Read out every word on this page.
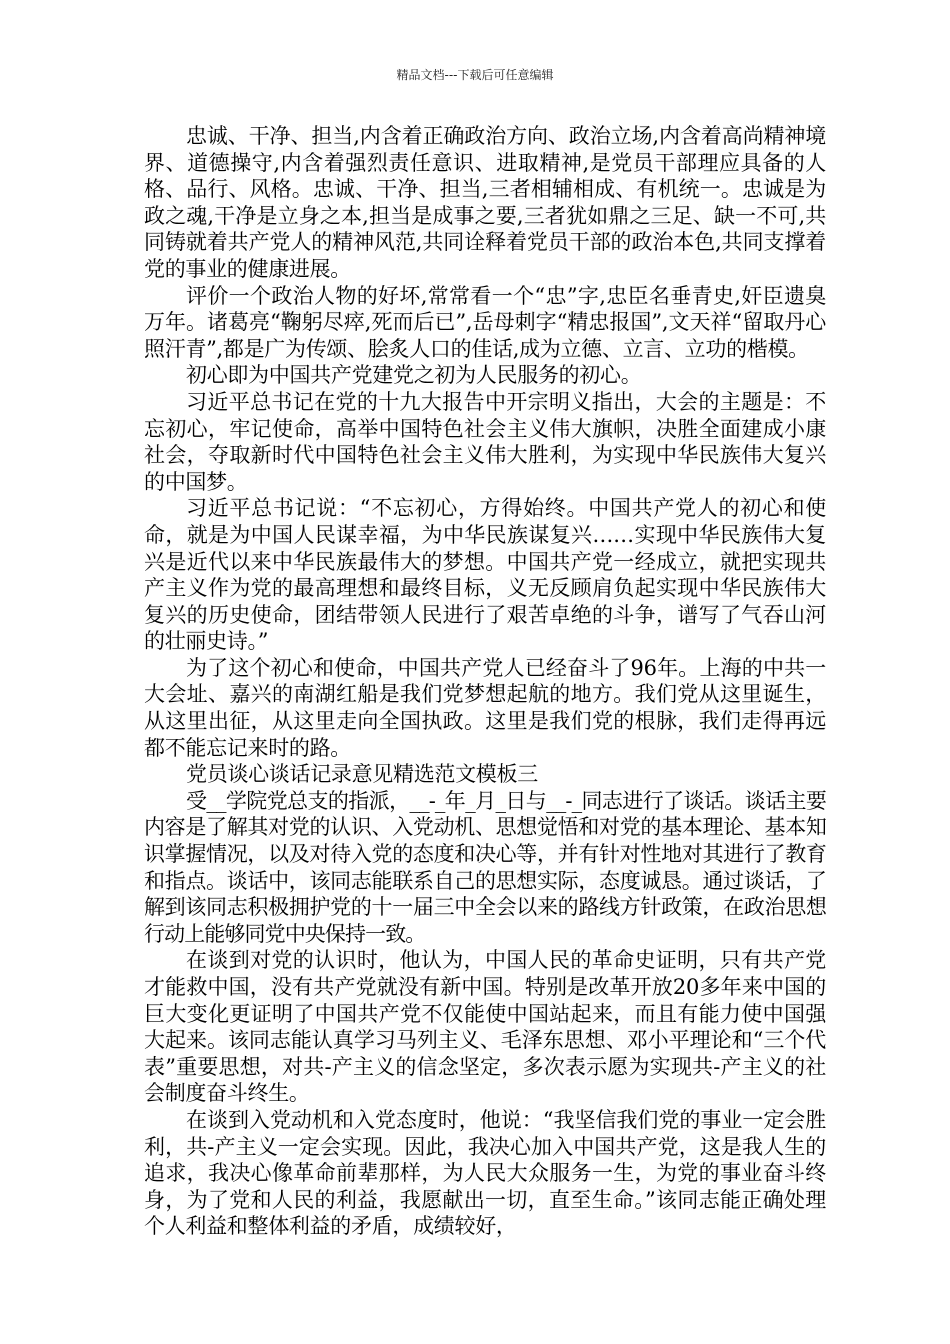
精品文档---下载后可任意编辑

忠诚、干净、担当,内含着正确政治方向、政治立场,内含着高尚精神境界、道德操守,内含着强烈责任意识、进取精神,是党员干部理应具备的人格、品行、风格。忠诚、干净、担当,三者相辅相成、有机统一。忠诚是为政之魂,干净是立身之本,担当是成事之要,三者犹如鼎之三足、缺一不可,共同铸就着共产党人的精神风范,共同诠释着党员干部的政治本色,共同支撑着党的事业的健康进展。

评价一个政治人物的好坏,常常看一个“忠”字,忠臣名垂青史,奸臣遗臭万年。诸葛亮“鞠躬尽瘁,死而后已”,岳母刺字“精忠报国”,文天祥“留取丹心照汗青”,都是广为传颂、脍炙人口的佳话,成为立德、立言、立功的楷模。

初心即为中国共产党建党之初为人民服务的初心。

习近平总书记在党的十九大报告中开宗明义指出，大会的主题是：不忘初心，牢记使命，高举中国特色社会主义伟大旗帜，决胜全面建成小康社会，夺取新时代中国特色社会主义伟大胜利，为实现中华民族伟大复兴的中国梦。

习近平总书记说：“不忘初心，方得始终。中国共产党人的初心和使命，就是为中国人民谋幸福，为中华民族谋复兴……实现中华民族伟大复兴是近代以来中华民族最伟大的梦想。中国共产党一经成立，就把实现共产主义作为党的最高理想和最终目标，义无反顾肩负起实现中华民族伟大复兴的历史使命，团结带领人民进行了艰苦卓绝的斗争，谱写了气吞山河的壮丽史诗。”

为了这个初心和使命，中国共产党人已经奋斗了96年。上海的中共一大会址、嘉兴的南湖红船是我们党梦想起航的地方。我们党从这里诞生，从这里出征，从这里走向全国执政。这里是我们党的根脉，我们走得再远都不能忘记来时的路。

党员谈心谈话记录意见精选范文模板三

受__学院党总支的指派，__-_年_月_日与__-_同志进行了谈话。谈话主要内容是了解其对党的认识、入党动机、思想觉悟和对党的基本理论、基本知识掌握情况，以及对待入党的态度和决心等，并有针对性地对其进行了教育和指点。谈话中，该同志能联系自己的思想实际，态度诚恳。通过谈话，了解到该同志积极拥护党的十一届三中全会以来的路线方针政策，在政治思想行动上能够同党中央保持一致。

在谈到对党的认识时，他认为，中国人民的革命史证明，只有共产党才能救中国，没有共产党就没有新中国。特别是改革开放20多年来中国的巨大变化更证明了中国共产党不仅能使中国站起来，而且有能力使中国强大起来。该同志能认真学习马列主义、毛泽东思想、邓小平理论和“三个代表”重要思想，对共-产主义的信念坚定，多次表示愿为实现共-产主义的社会制度奋斗终生。

在谈到入党动机和入党态度时，他说：“我坚信我们党的事业一定会胜利，共-产主义一定会实现。因此，我决心加入中国共产党，这是我人生的追求，我决心像革命前辈那样，为人民大众服务一生，为党的事业奋斗终身，为了党和人民的利益，我愿献出一切，直至生命。”该同志能正确处理个人利益和整体利益的矛盾，成绩较好，
